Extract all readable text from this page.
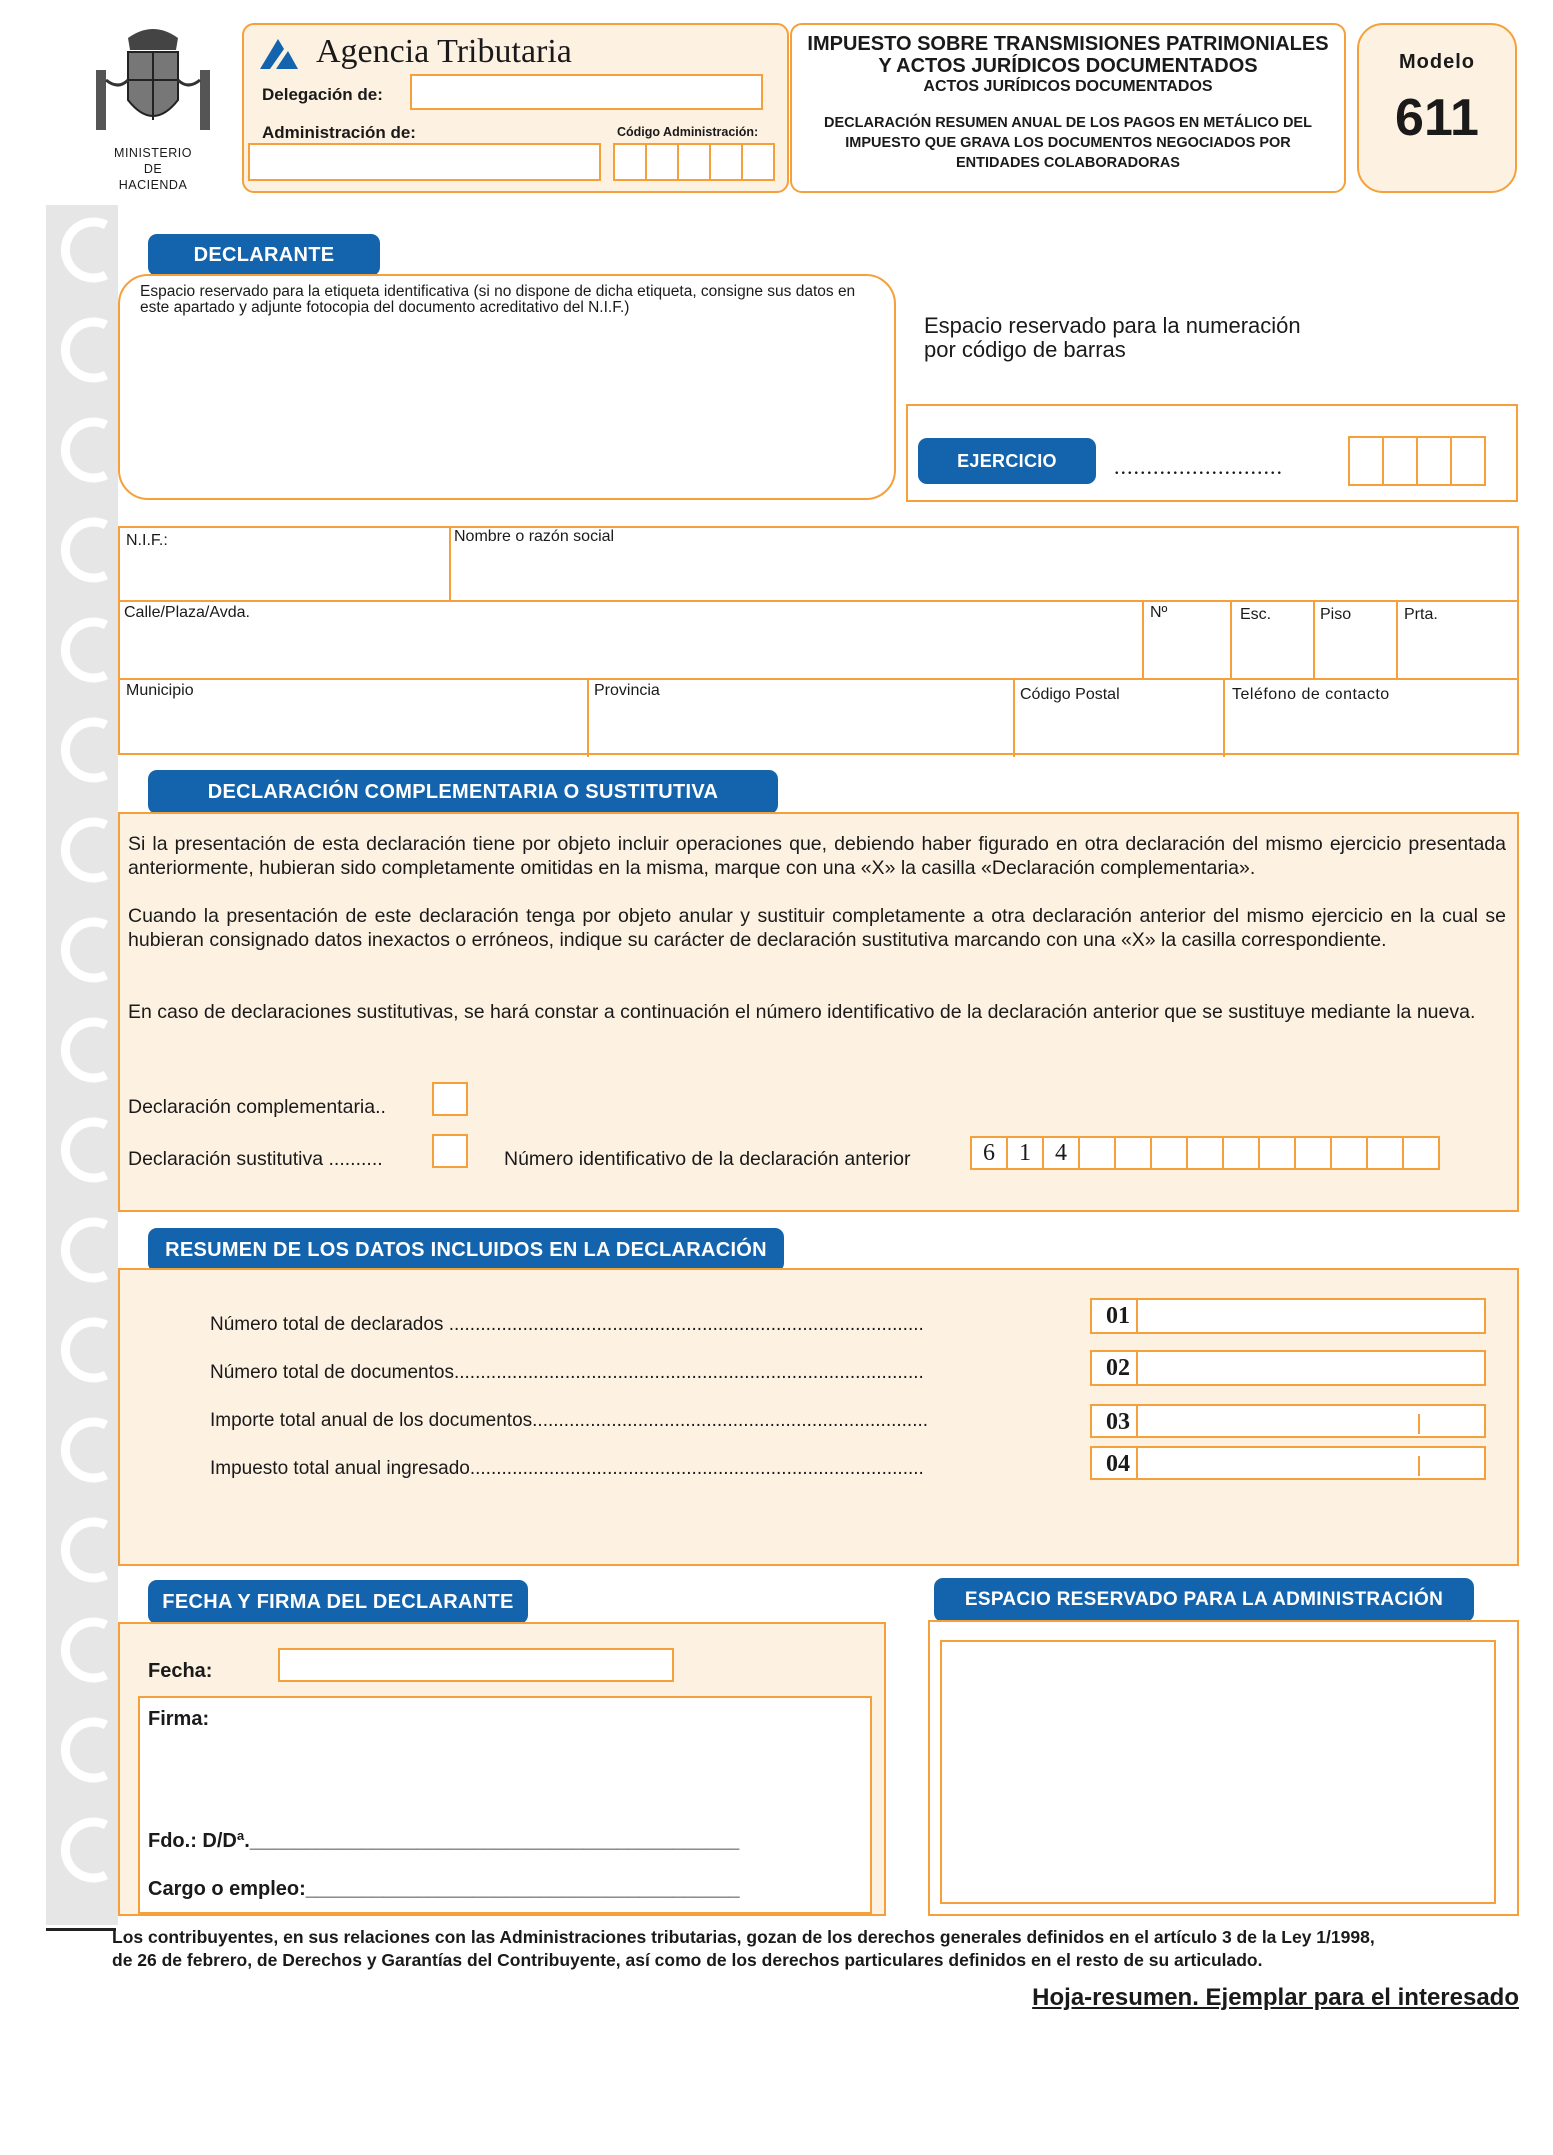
MINISTERIO
DE
HACIENDA
Agencia Tributaria
Delegación de:
Administración de:	Código Administración:
IMPUESTO SOBRE TRANSMISIONES PATRIMONIALES
Y ACTOS JURÍDICOS DOCUMENTADOS
ACTOS JURÍDICOS DOCUMENTADOS
DECLARACIÓN RESUMEN ANUAL DE LOS PAGOS EN METÁLICO DEL
IMPUESTO QUE GRAVA LOS DOCUMENTOS NEGOCIADOS POR
ENTIDADES COLABORADORAS
Modelo
611
DECLARANTE
Espacio reservado para la etiqueta identificativa (si no dispone de dicha etiqueta, consigne sus datos en este apartado y adjunte fotocopia del documento acreditativo del N.I.F.)
Espacio reservado para la numeración
por código de barras
EJERCICIO	..........................
N.I.F.:	Nombre o razón social
Calle/Plaza/Avda.	Nº	Esc.	Piso	Prta.
Municipio	Provincia	Código Postal	Teléfono de contacto
DECLARACIÓN COMPLEMENTARIA O SUSTITUTIVA
Si la presentación de esta declaración tiene por objeto incluir operaciones que, debiendo haber figurado en otra declaración del mismo ejercicio presentada anteriormente, hubieran sido completamente omitidas en la misma, marque con una «X» la casilla «Declaración complementaria».
Cuando la presentación de este declaración tenga por objeto anular y sustituir completamente a otra declaración anterior del mismo ejercicio en la cual se hubieran consignado datos inexactos o erróneos, indique su carácter de declaración sustitutiva marcando con una «X» la casilla correspondiente.
En caso de declaraciones sustitutivas, se hará constar a continuación el número identificativo de la declaración anterior que se sustituye mediante la nueva.
Declaración complementaria..
Declaración sustitutiva ..........	Número identificativo de la declaración anterior	6	1	4
RESUMEN DE LOS DATOS INCLUIDOS EN LA DECLARACIÓN
Número total de declarados ..........................................................................................	01
Número total de documentos.........................................................................................	02
Importe total anual de los documentos...........................................................................	03
Impuesto total anual ingresado......................................................................................	04
FECHA Y FIRMA DEL DECLARANTE
Fecha:
Firma:
Fdo.: D/Dª.____________________________________________
Cargo o empleo:_______________________________________
ESPACIO RESERVADO PARA LA ADMINISTRACIÓN
Los contribuyentes, en sus relaciones con las Administraciones tributarias, gozan de los derechos generales definidos en el artículo 3 de la Ley 1/1998,
de 26 de febrero, de Derechos y Garantías del Contribuyente, así como de los derechos particulares definidos en el resto de su articulado.
Hoja-resumen. Ejemplar para el interesado
